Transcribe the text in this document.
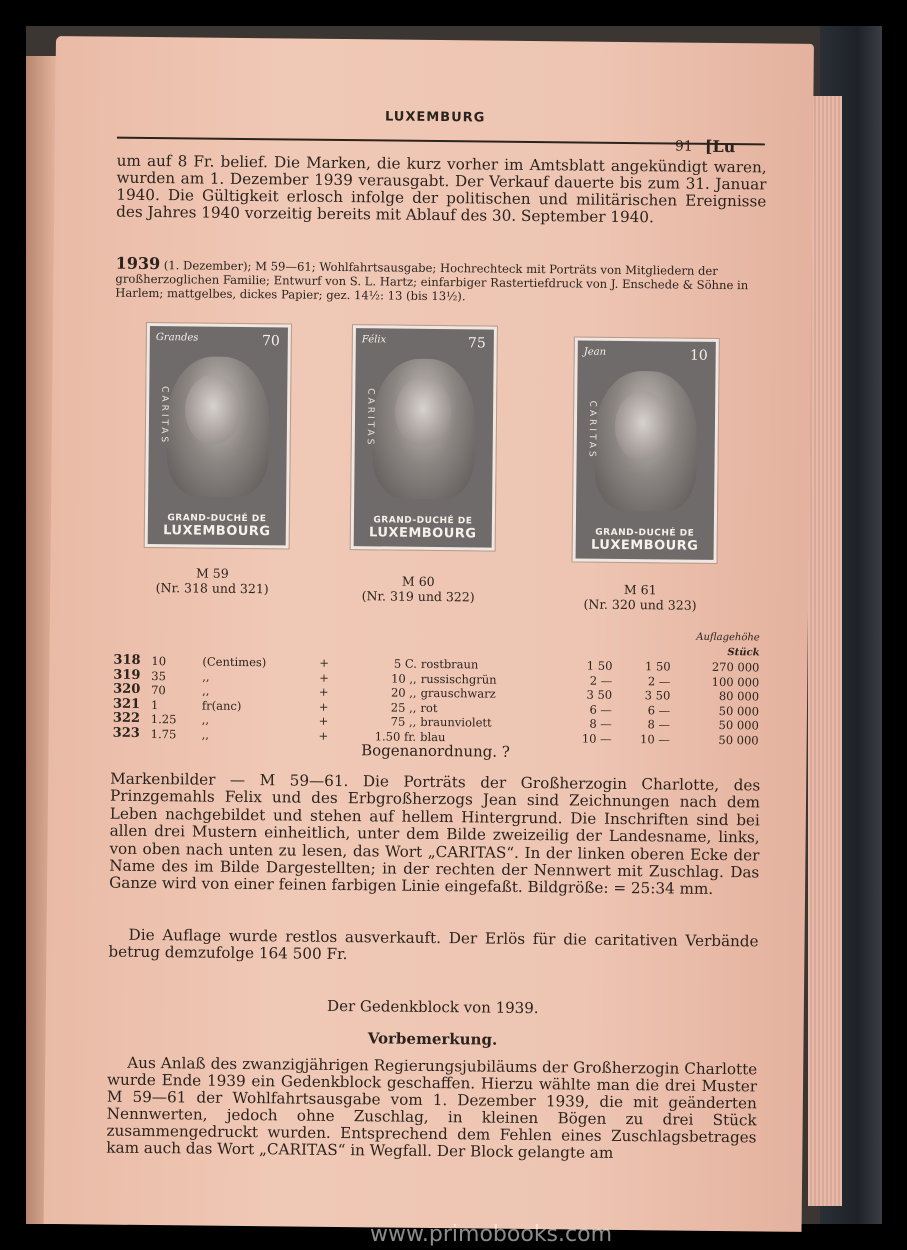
LUXEMBURG
91 [Lu
um auf 8 Fr. belief. Die Marken, die kurz vorher im Amtsblatt angekündigt waren, wurden am 1. Dezember 1939 verausgabt. Der Verkauf dauerte bis zum 31. Januar 1940. Die Gültigkeit erlosch infolge der politischen und militärischen Ereignisse des Jahres 1940 vorzeitig bereits mit Ablauf des 30. September 1940.
1939 (1. Dezember); M 59—61; Wohlfahrtsausgabe; Hochrechteck mit Porträts von Mitgliedern der großherzoglichen Familie; Entwurf von S. L. Hartz; einfarbiger Rastertiefdruck von J. Enschede & Söhne in Harlem; mattgelbes, dickes Papier; gez. 14½: 13 (bis 13½).
Grandes	70
CARITAS
GRAND-DUCHÉ DE
LUXEMBOURG
Félix	75
CARITAS
GRAND-DUCHÉ DE
LUXEMBOURG
Jean	10
CARITAS
GRAND-DUCHÉ DE
LUXEMBOURG
M 59
(Nr. 318 und 321)	M 60
(Nr. 319 und 322)	M 61
(Nr. 320 und 323)
Auflagehöhe								
Stück								
318	10	(Centimes)	+	5 C.	rostbraun	1 50	1 50	270 000
319	35	,,	+	10 ,,	russischgrün	2 —	2 —	100 000
320	70	,,	+	20 ,,	grauschwarz	3 50	3 50	80 000
321	1	fr(anc)	+	25 ,,	rot	6 —	6 —	50 000
322	1.25	,,	+	75 ,,	braunviolett	8 —	8 —	50 000
323	1.75	,,	+	1.50 fr.	blau	10 —	10 —	50 000
Bogenanordnung. ?
Markenbilder — M 59—61. Die Porträts der Großherzogin Charlotte, des Prinzgemahls Felix und des Erbgroßherzogs Jean sind Zeichnungen nach dem Leben nachgebildet und stehen auf hellem Hintergrund. Die Inschriften sind bei allen drei Mustern einheitlich, unter dem Bilde zweizeilig der Landesname, links, von oben nach unten zu lesen, das Wort „CARITAS“. In der linken oberen Ecke der Name des im Bilde Dargestellten; in der rechten der Nennwert mit Zuschlag. Das Ganze wird von einer feinen farbigen Linie eingefaßt. Bildgröße: = 25:34 mm.
Die Auflage wurde restlos ausverkauft. Der Erlös für die caritativen Verbände betrug demzufolge 164 500 Fr.
Der Gedenkblock von 1939.
Vorbemerkung.
Aus Anlaß des zwanzigjährigen Regierungsjubiläums der Großherzogin Charlotte wurde Ende 1939 ein Gedenkblock geschaffen. Hierzu wählte man die drei Muster M 59—61 der Wohlfahrtsausgabe vom 1. Dezember 1939, die mit geänderten Nennwerten, jedoch ohne Zuschlag, in kleinen Bögen zu drei Stück zusammengedruckt wurden. Entsprechend dem Fehlen eines Zuschlagsbetrages kam auch das Wort „CARITAS“ in Wegfall. Der Block gelangte am
www.primobooks.com
